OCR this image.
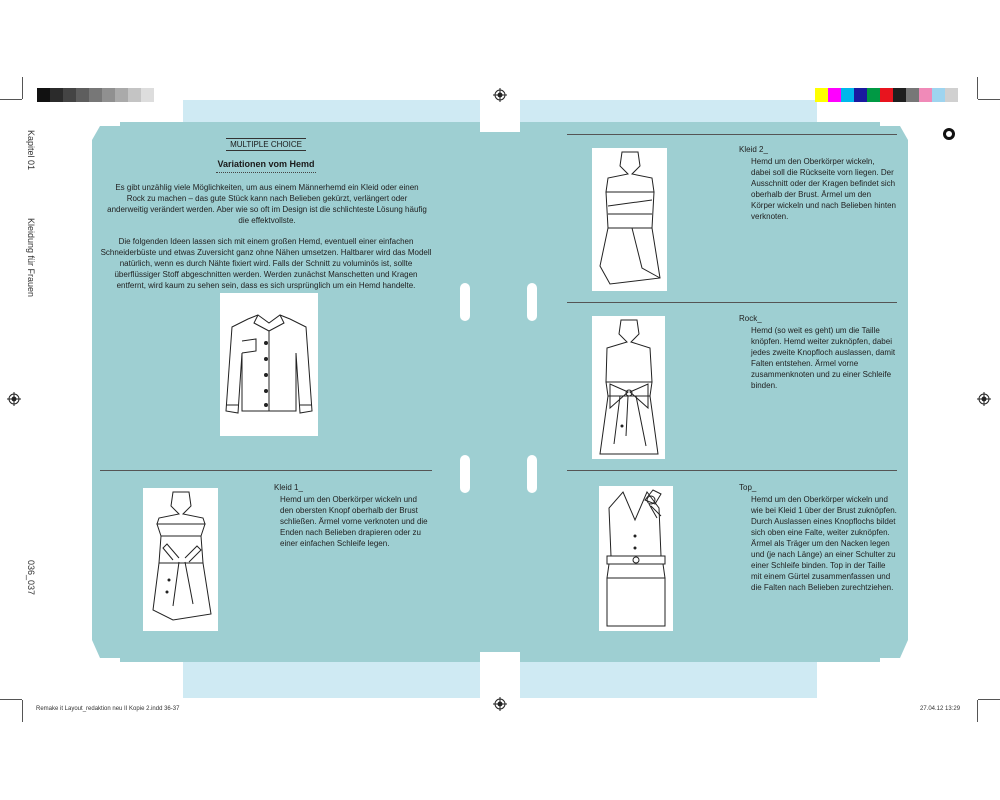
Kapitel 01
Kleidung für Frauen
036_037
MULTIPLE CHOICE
Variationen vom Hemd
Es gibt unzählig viele Möglichkeiten, um aus einem Männerhemd ein Kleid oder einen Rock zu machen – das gute Stück kann nach Belieben gekürzt, verlängert oder anderweitig verändert werden. Aber wie so oft im Design ist die schlichteste Lösung häufig die effektvollste.
Die folgenden Ideen lassen sich mit einem großen Hemd, eventuell einer einfachen Schneiderbüste und etwas Zuversicht ganz ohne Nähen umsetzen. Haltbarer wird das Modell natürlich, wenn es durch Nähte fixiert wird. Falls der Schnitt zu voluminös ist, sollte überflüssiger Stoff abgeschnitten werden. Werden zunächst Manschetten und Kragen entfernt, wird kaum zu sehen sein, dass es sich ursprünglich um ein Hemd handelte.
Kleid 1_
Hemd um den Oberkörper wickeln und den obersten Knopf oberhalb der Brust schließen. Ärmel vorne verknoten und die Enden nach Belieben drapieren oder zu einer einfachen Schleife legen.
Kleid 2_
Hemd um den Oberkörper wickeln, dabei soll die Rückseite vorn liegen. Der Ausschnitt oder der Kragen befindet sich oberhalb der Brust. Ärmel um den Körper wickeln und nach Belieben hinten verknoten.
Rock_
Hemd (so weit es geht) um die Taille knöpfen. Hemd weiter zuknöpfen, dabei jedes zweite Knopfloch auslassen, damit Falten entstehen. Ärmel vorne zusammenknoten und zu einer Schleife binden.
Top_
Hemd um den Oberkörper wickeln und wie bei Kleid 1 über der Brust zuknöpfen. Durch Auslassen eines Knopflochs bildet sich oben eine Falte, weiter zuknöpfen. Ärmel als Träger um den Nacken legen und (je nach Länge) an einer Schulter zu einer Schleife binden. Top in der Taille mit einem Gürtel zusammenfassen und die Falten nach Belieben zurechtziehen.
Remake it Layout_redaktion neu II Kopie 2.indd 36-37	27.04.12 13:29
